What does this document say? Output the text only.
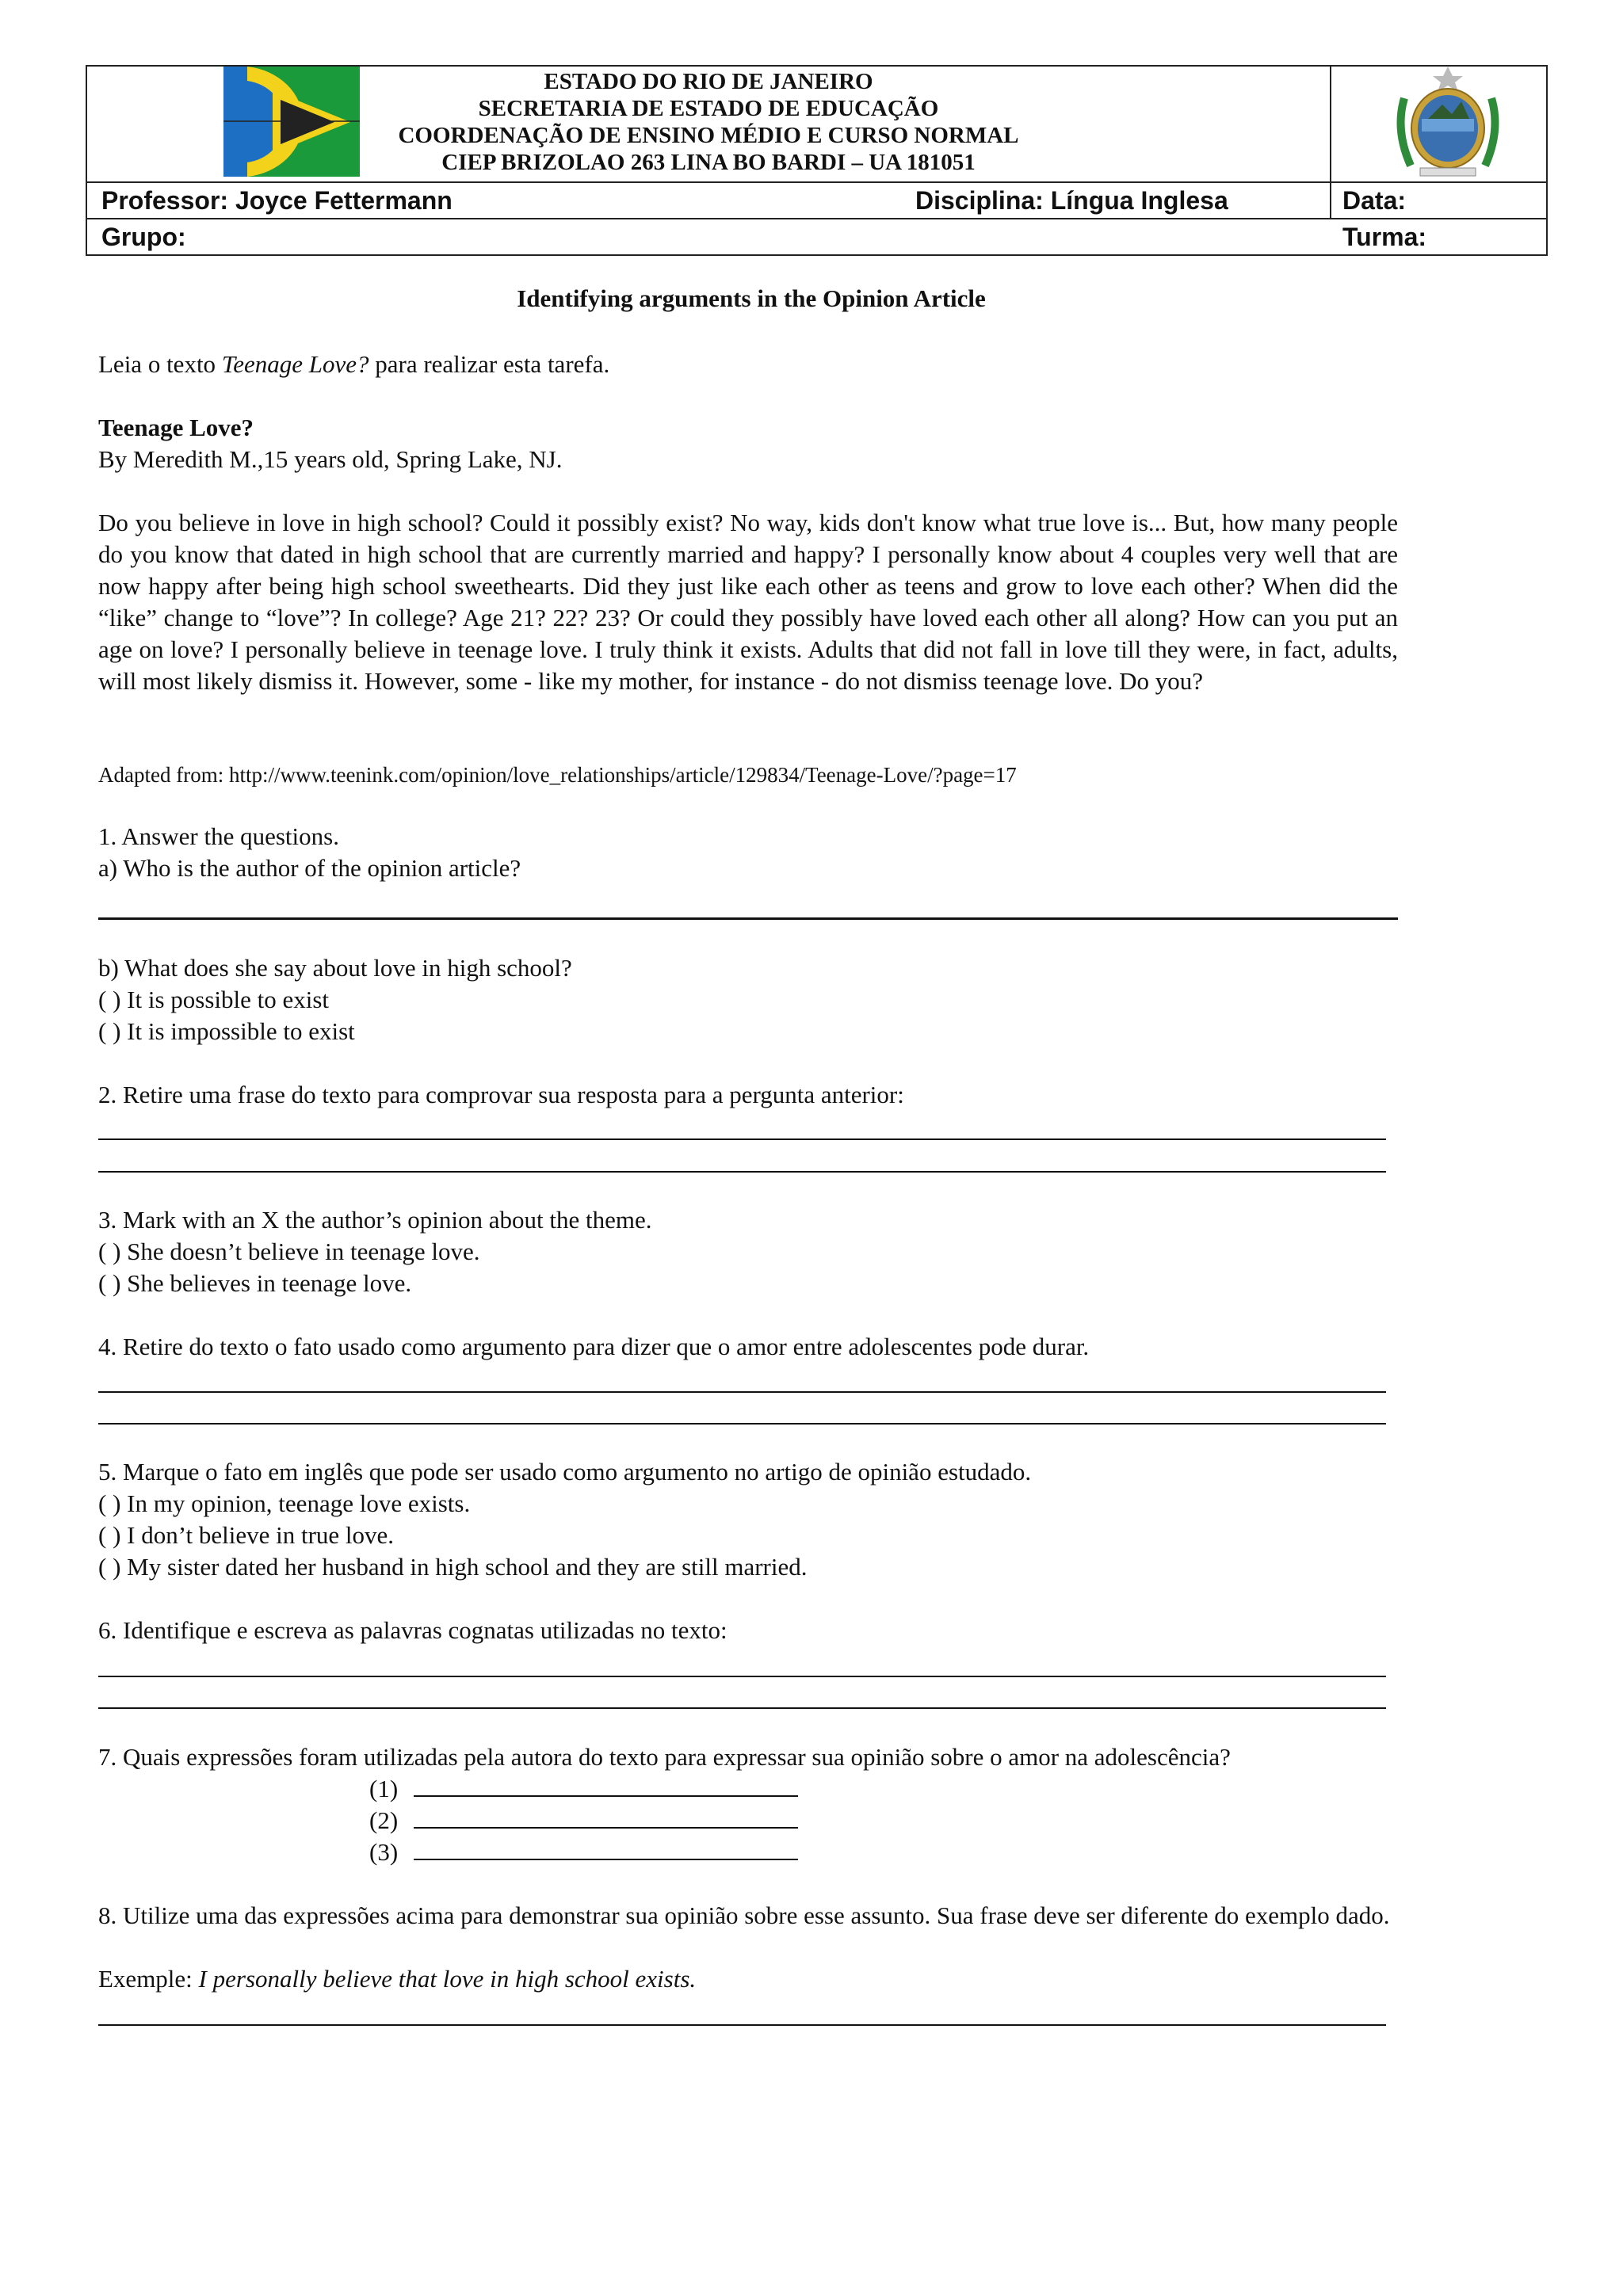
ESTADO DO RIO DE JANEIRO
SECRETARIA DE ESTADO DE EDUCAÇÃO
COORDENAÇÃO DE ENSINO MÉDIO E CURSO NORMAL
CIEP BRIZOLAO 263 LINA BO BARDI – UA 181051
Professor: Joyce Fettermann	Disciplina: Língua Inglesa	Data:
Grupo:	Turma:
Identifying arguments in the Opinion Article

Leia o texto Teenage Love? para realizar esta tarefa.

Teenage Love?

By Meredith M.,15 years old, Spring Lake, NJ.

Do you believe in love in high school? Could it possibly exist? No way, kids don't know what true love is... But, how many people do you know that dated in high school that are currently married and happy? I personally know about 4 couples very well that are now happy after being high school sweethearts. Did they just like each other as teens and grow to love each other? When did the “like” change to “love”? In college? Age 21? 22? 23? Or could they possibly have loved each other all along? How can you put an age on love? I personally believe in teenage love. I truly think it exists. Adults that did not fall in love till they were, in fact, adults, will most likely dismiss it. However, some - like my mother, for instance - do not dismiss teenage love. Do you?

Adapted from: http://www.teenink.com/opinion/love_relationships/article/129834/Teenage-Love/?page=17

1. Answer the questions.

a) Who is the author of the opinion article?

b) What does she say about love in high school?

( ) It is possible to exist

( ) It is impossible to exist

2. Retire uma frase do texto para comprovar sua resposta para a pergunta anterior:

3. Mark with an X the author’s opinion about the theme.

( ) She doesn’t believe in teenage love.

( ) She believes in teenage love.

4. Retire do texto o fato usado como argumento para dizer que o amor entre adolescentes pode durar.

5. Marque o fato em inglês que pode ser usado como argumento no artigo de opinião estudado.

( ) In my opinion, teenage love exists.

( ) I don’t believe in true love.

( ) My sister dated her husband in high school and they are still married.

6. Identifique e escreva as palavras cognatas utilizadas no texto:

7. Quais expressões foram utilizadas pela autora do texto para expressar sua opinião sobre o amor na adolescência?

(1)
(2)
(3)

8. Utilize uma das expressões acima para demonstrar sua opinião sobre esse assunto. Sua frase deve ser diferente do exemplo dado.

Exemple: I personally believe that love in high school exists.
